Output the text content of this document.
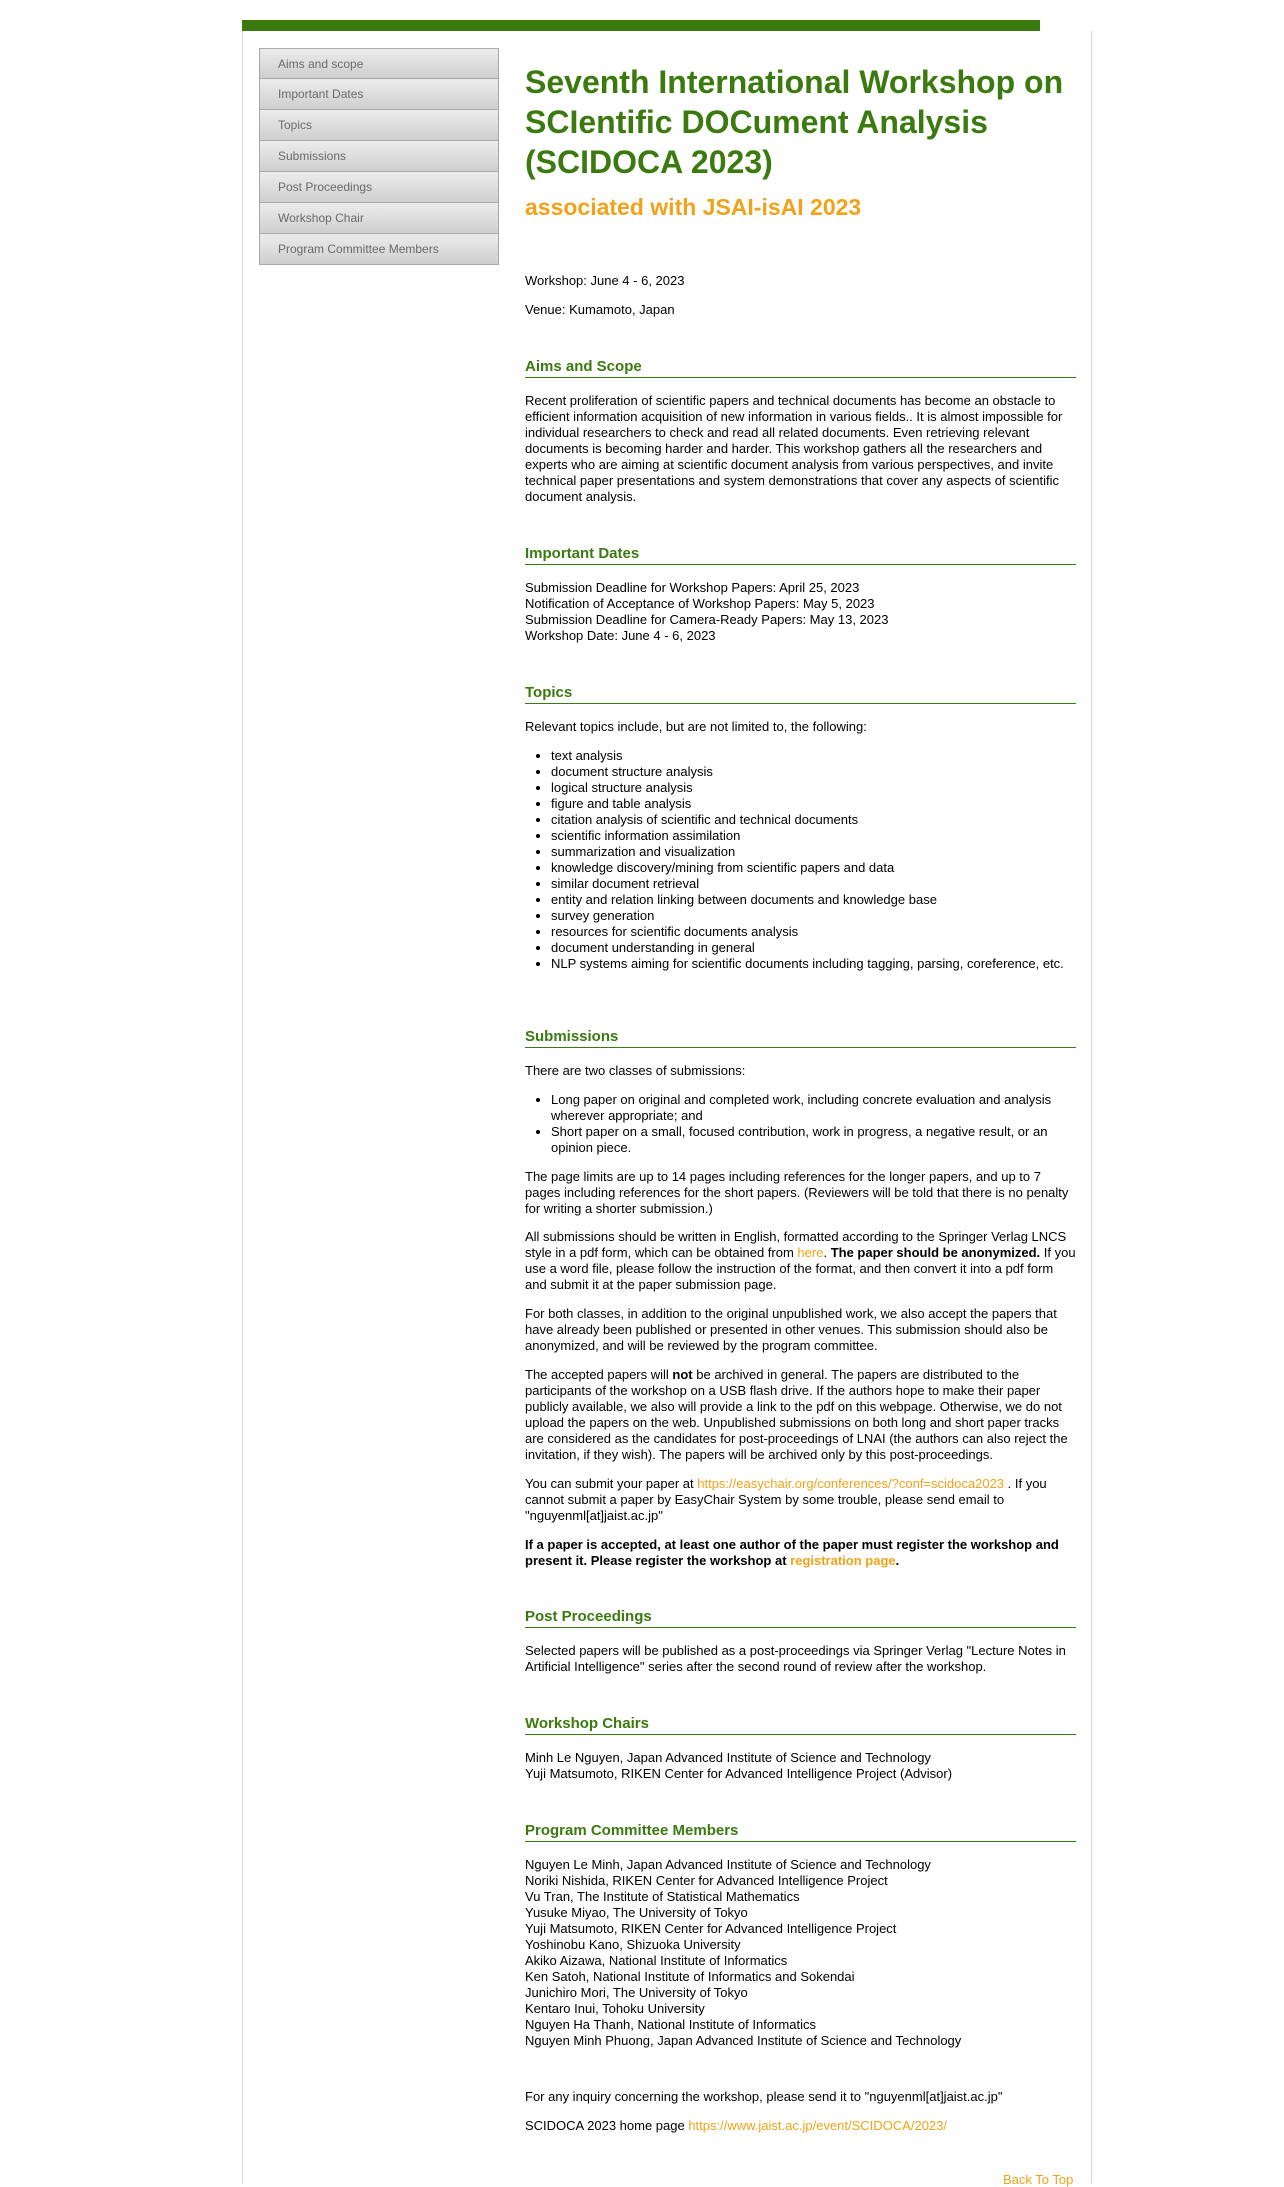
Aims and scope
Important Dates
Topics
Submissions
Post Proceedings
Workshop Chair
Program Committee Members
Seventh International Workshop on SCIentific DOCument Analysis (SCIDOCA 2023)
associated with JSAI-isAI 2023
Workshop: June 4 - 6, 2023
Venue: Kumamoto, Japan
Aims and Scope
Recent proliferation of scientific papers and technical documents has become an obstacle to efficient information acquisition of new information in various fields.. It is almost impossible for individual researchers to check and read all related documents. Even retrieving relevant documents is becoming harder and harder. This workshop gathers all the researchers and experts who are aiming at scientific document analysis from various perspectives, and invite technical paper presentations and system demonstrations that cover any aspects of scientific document analysis.
Important Dates
Submission Deadline for Workshop Papers: April 25, 2023
Notification of Acceptance of Workshop Papers: May 5, 2023
Submission Deadline for Camera-Ready Papers: May 13, 2023
Workshop Date: June 4 - 6, 2023
Topics
Relevant topics include, but are not limited to, the following:
• text analysis
• document structure analysis
• logical structure analysis
• figure and table analysis
• citation analysis of scientific and technical documents
• scientific information assimilation
• summarization and visualization
• knowledge discovery/mining from scientific papers and data
• similar document retrieval
• entity and relation linking between documents and knowledge base
• survey generation
• resources for scientific documents analysis
• document understanding in general
• NLP systems aiming for scientific documents including tagging, parsing, coreference, etc.
Submissions
There are two classes of submissions:
• Long paper on original and completed work, including concrete evaluation and analysis wherever appropriate; and
• Short paper on a small, focused contribution, work in progress, a negative result, or an opinion piece.
The page limits are up to 14 pages including references for the longer papers, and up to 7 pages including references for the short papers. (Reviewers will be told that there is no penalty for writing a shorter submission.)
All submissions should be written in English, formatted according to the Springer Verlag LNCS style in a pdf form, which can be obtained from here. The paper should be anonymized. If you use a word file, please follow the instruction of the format, and then convert it into a pdf form and submit it at the paper submission page.
For both classes, in addition to the original unpublished work, we also accept the papers that have already been published or presented in other venues. This submission should also be anonymized, and will be reviewed by the program committee.
The accepted papers will not be archived in general. The papers are distributed to the participants of the workshop on a USB flash drive. If the authors hope to make their paper publicly available, we also will provide a link to the pdf on this webpage. Otherwise, we do not upload the papers on the web. Unpublished submissions on both long and short paper tracks are considered as the candidates for post-proceedings of LNAI (the authors can also reject the invitation, if they wish). The papers will be archived only by this post-proceedings.
You can submit your paper at https://easychair.org/conferences/?conf=scidoca2023 . If you cannot submit a paper by EasyChair System by some trouble, please send email to "nguyenml[at]jaist.ac.jp"
If a paper is accepted, at least one author of the paper must register the workshop and present it. Please register the workshop at registration page.
Post Proceedings
Selected papers will be published as a post-proceedings via Springer Verlag "Lecture Notes in Artificial Intelligence" series after the second round of review after the workshop.
Workshop Chairs
Minh Le Nguyen, Japan Advanced Institute of Science and Technology
Yuji Matsumoto, RIKEN Center for Advanced Intelligence Project (Advisor)
Program Committee Members
Nguyen Le Minh, Japan Advanced Institute of Science and Technology
Noriki Nishida, RIKEN Center for Advanced Intelligence Project
Vu Tran, The Institute of Statistical Mathematics
Yusuke Miyao, The University of Tokyo
Yuji Matsumoto, RIKEN Center for Advanced Intelligence Project
Yoshinobu Kano, Shizuoka University
Akiko Aizawa, National Institute of Informatics
Ken Satoh, National Institute of Informatics and Sokendai
Junichiro Mori, The University of Tokyo
Kentaro Inui, Tohoku University
Nguyen Ha Thanh, National Institute of Informatics
Nguyen Minh Phuong, Japan Advanced Institute of Science and Technology
For any inquiry concerning the workshop, please send it to "nguyenml[at]jaist.ac.jp"
SCIDOCA 2023 home page https://www.jaist.ac.jp/event/SCIDOCA/2023/
Back To Top
